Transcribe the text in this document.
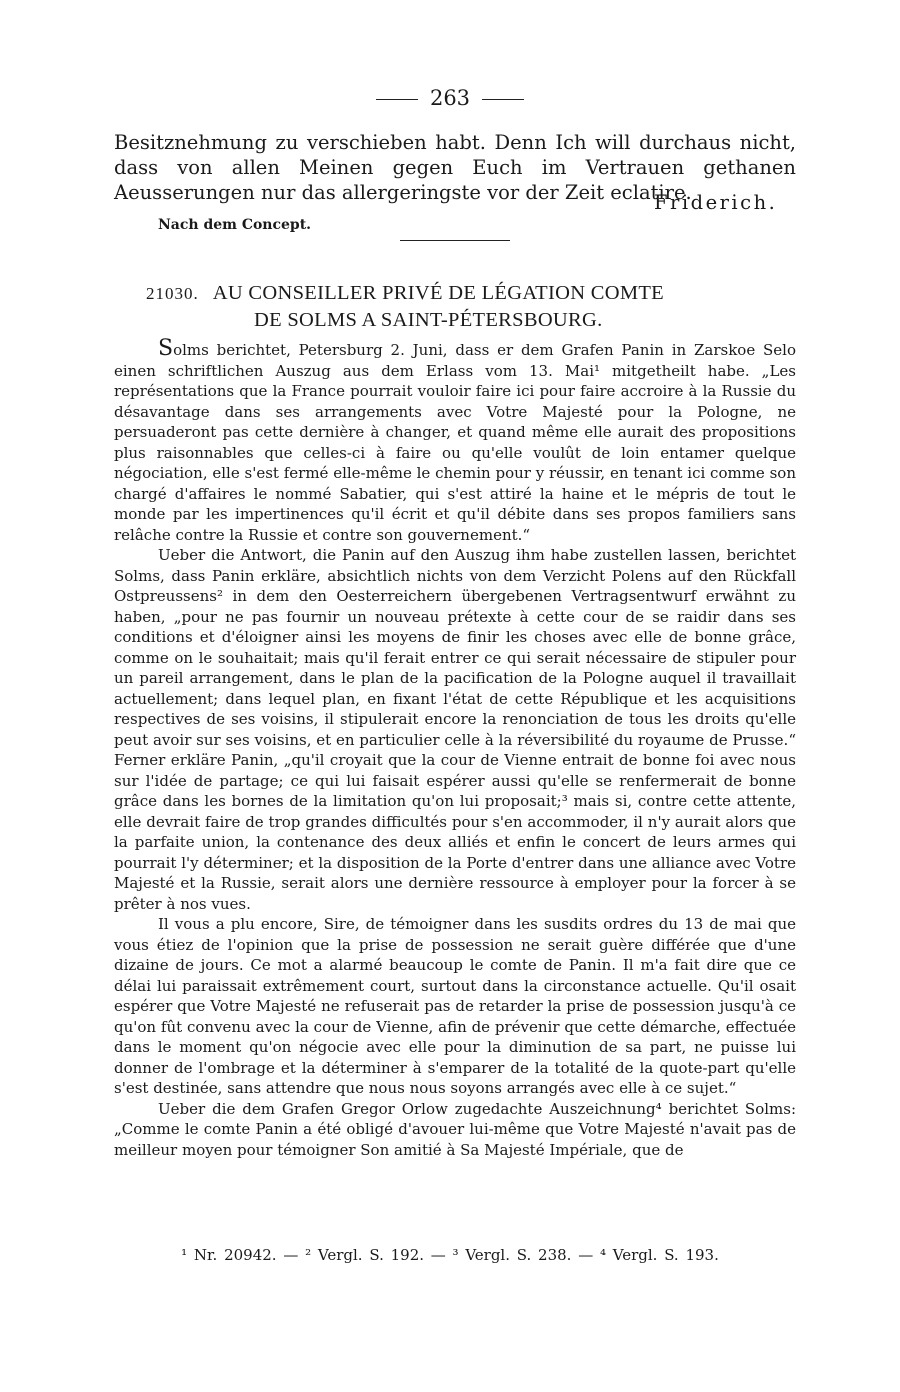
263
Besitznehmung zu verschieben habt. Denn Ich will durchaus nicht, dass von allen Meinen gegen Euch im Vertrauen gethanen Aeusserungen nur das allergeringste vor der Zeit eclatire.
Friderich.
Nach dem Concept.
21030. AU CONSEILLER PRIVÉ DE LÉGATION COMTE
DE SOLMS A SAINT-PÉTERSBOURG.

Solms berichtet, Petersburg 2. Juni, dass er dem Grafen Panin in Zarskoe Selo einen schriftlichen Auszug aus dem Erlass vom 13. Mai¹ mitgetheilt habe. „Les représentations que la France pourrait vouloir faire ici pour faire accroire à la Russie du désavantage dans ses arrangements avec Votre Majesté pour la Pologne, ne persuaderont pas cette dernière à changer, et quand même elle aurait des propositions plus raisonnables que celles-ci à faire ou qu'elle voulût de loin entamer quelque négociation, elle s'est fermé elle-même le chemin pour y réussir, en tenant ici comme son chargé d'affaires le nommé Sabatier, qui s'est attiré la haine et le mépris de tout le monde par les impertinences qu'il écrit et qu'il débite dans ses propos familiers sans relâche contre la Russie et contre son gouvernement.“

Ueber die Antwort, die Panin auf den Auszug ihm habe zustellen lassen, berichtet Solms, dass Panin erkläre, absichtlich nichts von dem Verzicht Polens auf den Rückfall Ostpreussens² in dem den Oesterreichern übergebenen Vertragsentwurf erwähnt zu haben, „pour ne pas fournir un nouveau prétexte à cette cour de se raidir dans ses conditions et d'éloigner ainsi les moyens de finir les choses avec elle de bonne grâce, comme on le souhaitait; mais qu'il ferait entrer ce qui serait nécessaire de stipuler pour un pareil arrangement, dans le plan de la pacification de la Pologne auquel il travaillait actuellement; dans lequel plan, en fixant l'état de cette République et les acquisitions respectives de ses voisins, il stipulerait encore la renonciation de tous les droits qu'elle peut avoir sur ses voisins, et en particulier celle à la réversibilité du royaume de Prusse.“ Ferner erkläre Panin, „qu'il croyait que la cour de Vienne entrait de bonne foi avec nous sur l'idée de partage; ce qui lui faisait espérer aussi qu'elle se renfermerait de bonne grâce dans les bornes de la limitation qu'on lui proposait;³ mais si, contre cette attente, elle devrait faire de trop grandes difficultés pour s'en accommoder, il n'y aurait alors que la parfaite union, la contenance des deux alliés et enfin le concert de leurs armes qui pourrait l'y déterminer; et la disposition de la Porte d'entrer dans une alliance avec Votre Majesté et la Russie, serait alors une dernière ressource à employer pour la forcer à se prêter à nos vues.

Il vous a plu encore, Sire, de témoigner dans les susdits ordres du 13 de mai que vous étiez de l'opinion que la prise de possession ne serait guère différée que d'une dizaine de jours. Ce mot a alarmé beaucoup le comte de Panin. Il m'a fait dire que ce délai lui paraissait extrêmement court, surtout dans la circonstance actuelle. Qu'il osait espérer que Votre Majesté ne refuserait pas de retarder la prise de possession jusqu'à ce qu'on fût convenu avec la cour de Vienne, afin de prévenir que cette démarche, effectuée dans le moment qu'on négocie avec elle pour la diminution de sa part, ne puisse lui donner de l'ombrage et la déterminer à s'emparer de la totalité de la quote-part qu'elle s'est destinée, sans attendre que nous nous soyons arrangés avec elle à ce sujet.“

Ueber die dem Grafen Gregor Orlow zugedachte Auszeichnung⁴ berichtet Solms: „Comme le comte Panin a été obligé d'avouer lui-même que Votre Majesté n'avait pas de meilleur moyen pour témoigner Son amitié à Sa Majesté Impériale, que de

¹ Nr. 20942. — ² Vergl. S. 192. — ³ Vergl. S. 238. — ⁴ Vergl. S. 193.
